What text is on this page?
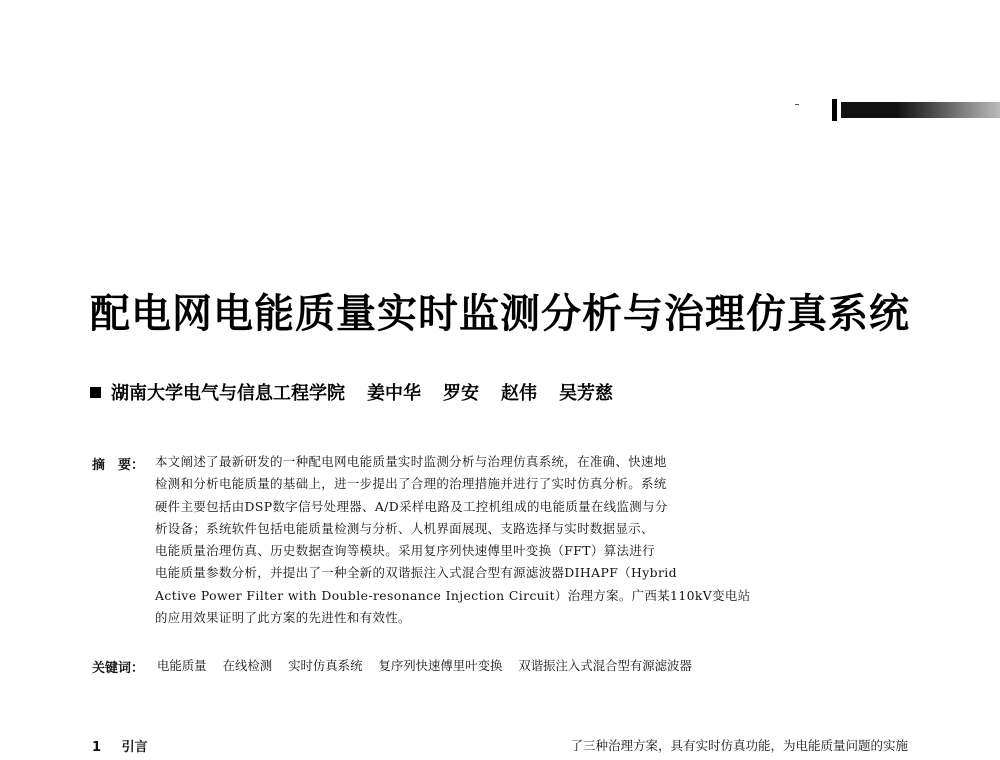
配电网电能质量实时监测分析与治理仿真系统
湖南大学电气与信息工程学院 姜中华 罗安 赵伟 吴芳慈
摘　要： 本文阐述了最新研发的一种配电网电能质量实时监测分析与治理仿真系统，在准确、快速地
检测和分析电能质量的基础上，进一步提出了合理的治理措施并进行了实时仿真分析。系统
硬件主要包括由DSP数字信号处理器、A/D采样电路及工控机组成的电能质量在线监测与分
析设备；系统软件包括电能质量检测与分析、人机界面展现、支路选择与实时数据显示、
电能质量治理仿真、历史数据查询等模块。采用复序列快速傅里叶变换（FFT）算法进行
电能质量参数分析，并提出了一种全新的双谐振注入式混合型有源滤波器DIHAPF（Hybrid
Active Power Filter with Double-resonance Injection Circuit）治理方案。广西某110kV变电站
的应用效果证明了此方案的先进性和有效性。
关键词： 电能质量 在线检测 实时仿真系统 复序列快速傅里叶变换 双谐振注入式混合型有源滤波器
1 引言	了三种治理方案，具有实时仿真功能，为电能质量问题的实施
